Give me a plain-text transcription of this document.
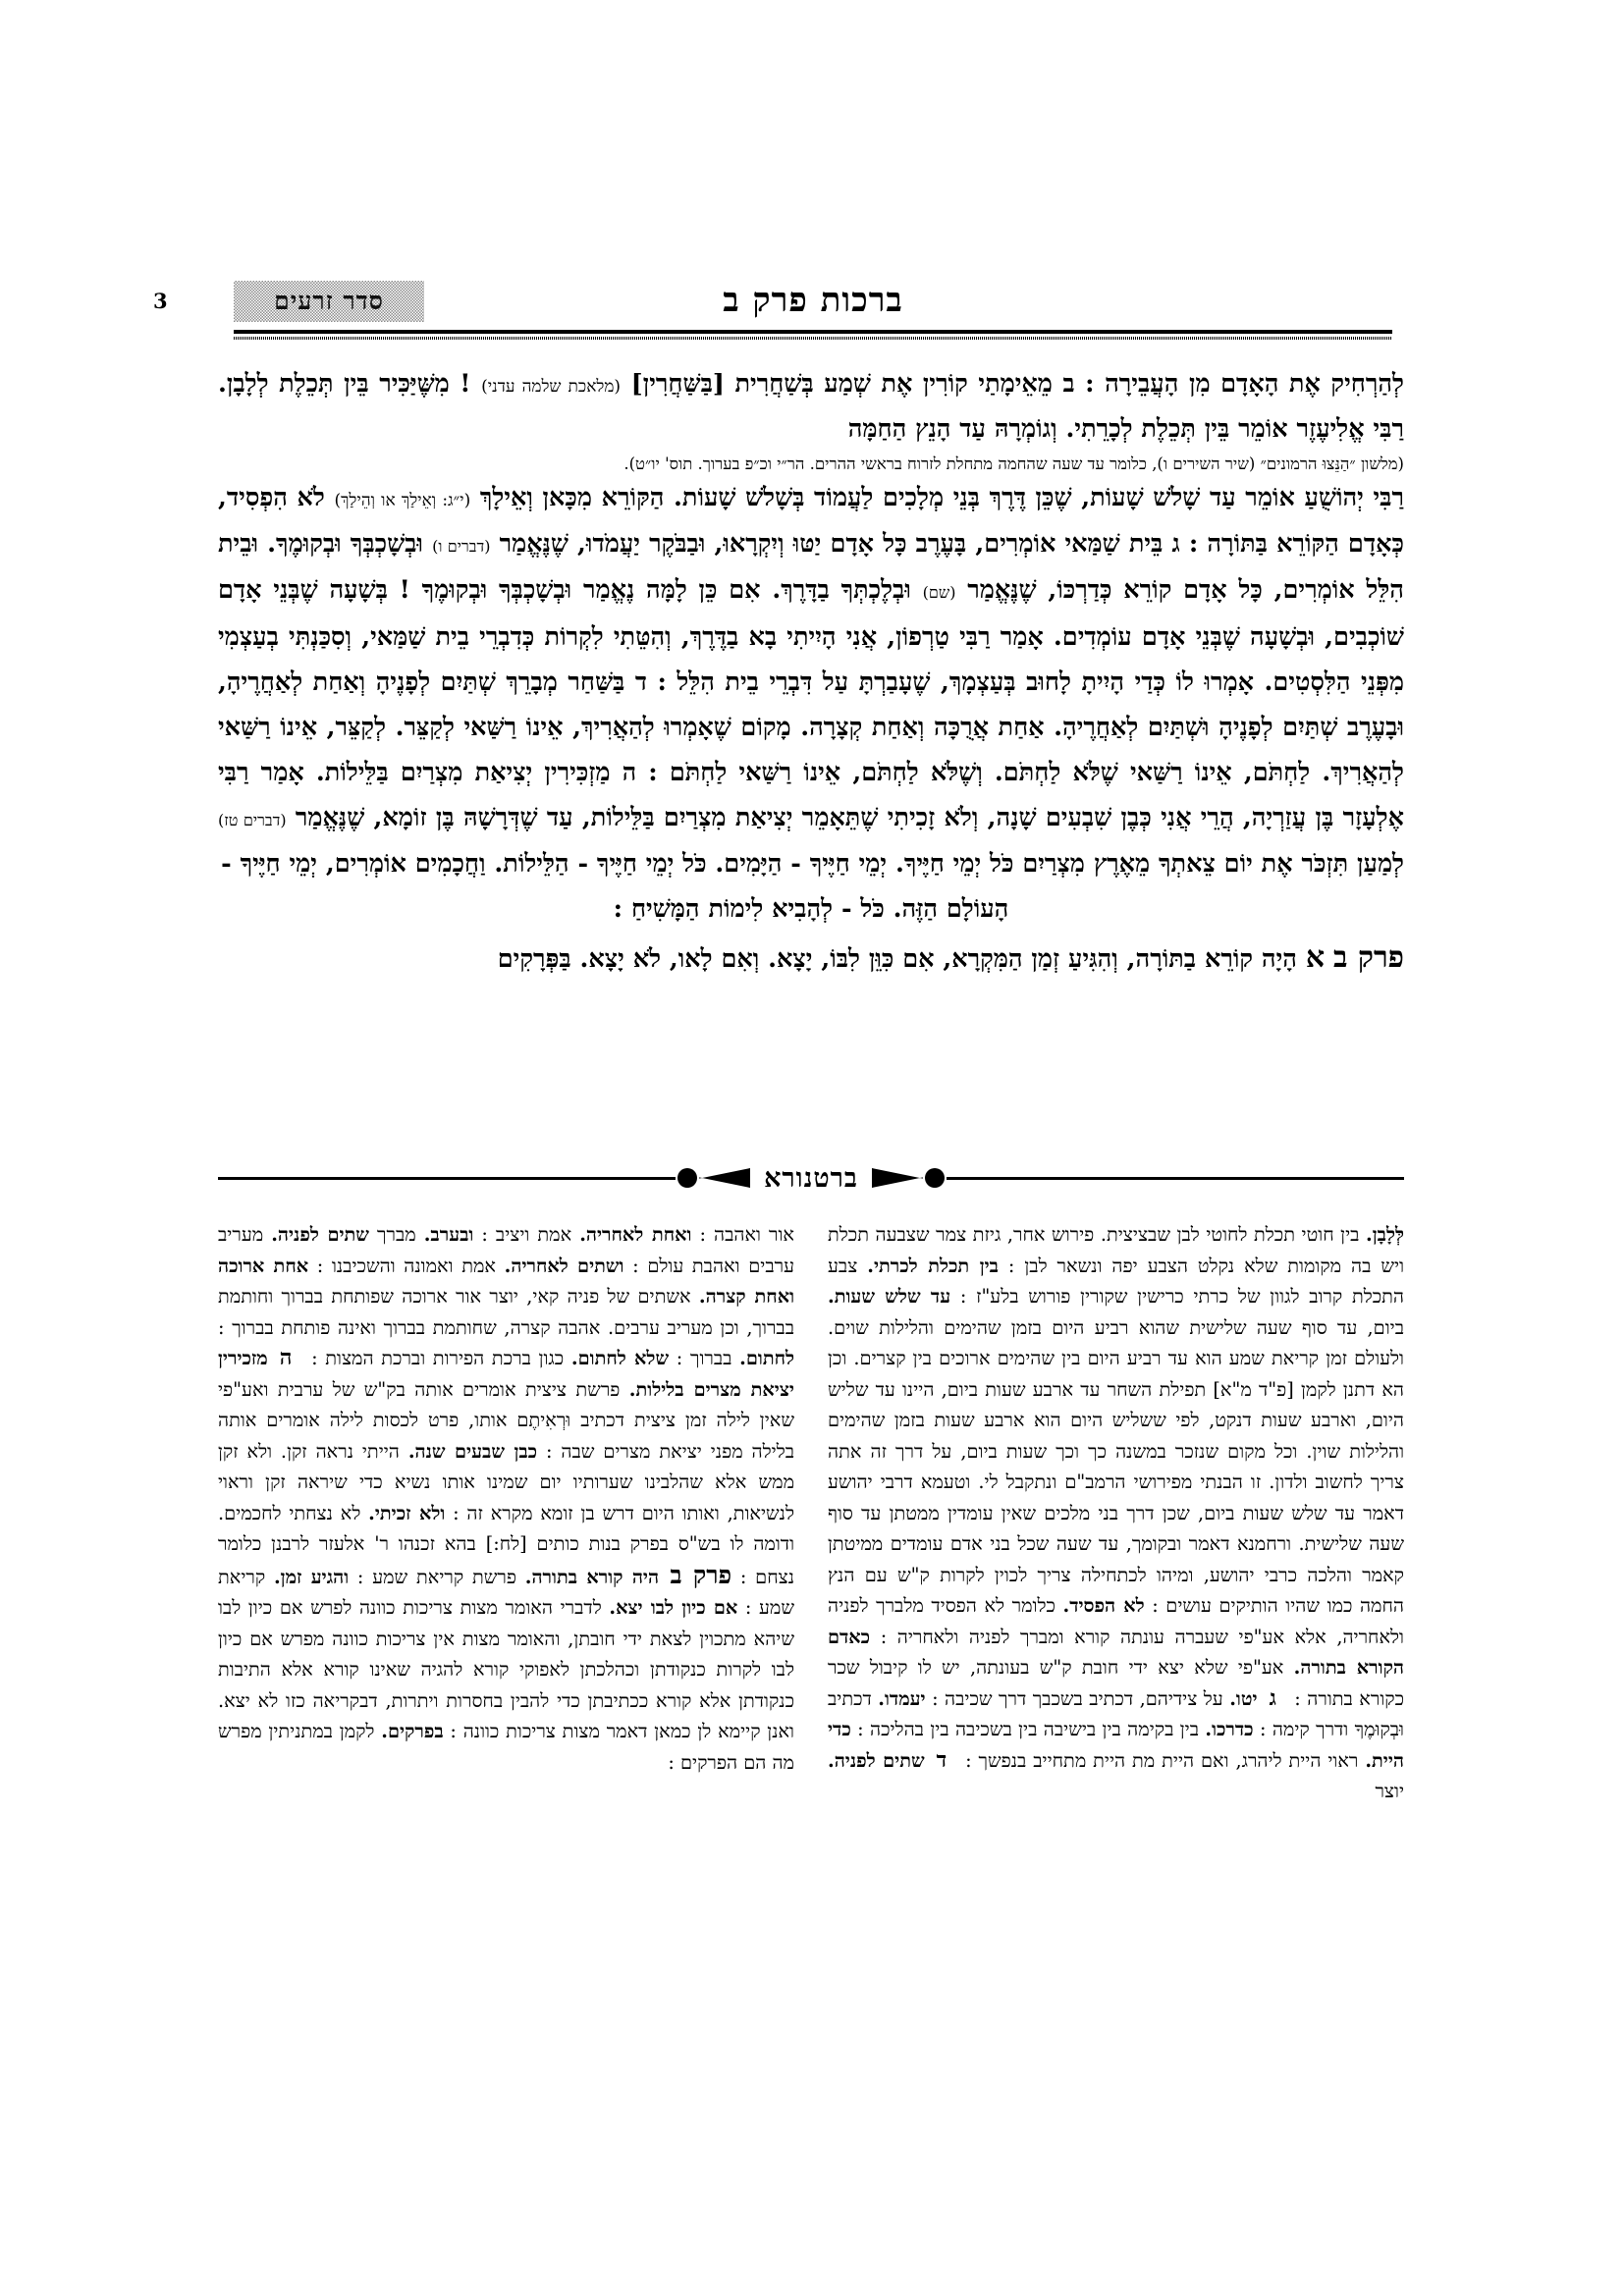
3	סדר זרעים	ברכות פרק ב

לְהַרְחִיק אֶת הָאָדָם מִן הָעֲבֵירָה : ב מֵאֵימָתַי קוֹרִין אֶת שְׁמַע בְּשַׁחֲרִית [בַּשַּׁחֲרִין] (מלאכת שלמה עדני) ! מִשֶּׁיַּכִּיר בֵּין תְּכֵלֶת לְלָבָן. רַבִּי אֱלִיעֶזֶר אוֹמֵר בֵּין תְּכֵלֶת לְכָרֵתִי. וְגוֹמְרָהּ עַד הָנֵץ הַחַמָּה
(מלשון ״הַנֵּצוּ הרמונים״ (שיר השירים ו), כלומר עד שעה שהחמה מתחלת לזרוח בראשי ההרים. הר״י וכ״פ בערוך. תוס' יו״ט).
רַבִּי יְהוֹשֻׁעַ אוֹמֵר עַד שָׁלֹשׁ שָׁעוֹת, שֶׁכֵּן דֶּרֶךְ בְּנֵי מְלָכִים לַעֲמוֹד בְּשָׁלֹשׁ שָׁעוֹת. הַקּוֹרֵא מִכָּאן וְאֵילָךְ (י״ג: וְאֵילַךְ או וְהֵילַךְ) לֹא הִפְסִיד, כְּאָדָם הַקּוֹרֵא בַּתּוֹרָה : ג בֵּית שַׁמַּאי אוֹמְרִים, בָּעֶרֶב כָּל אָדָם יַטּוּ וְיִקְרָאוּ, וּבַבֹּקֶר יַעֲמֹדוּ, שֶׁנֶּאֱמַר (דברים ו) וּבְשָׁכְבְּךָ וּבְקוּמֶךָ. וּבֵית הִלֵּל אוֹמְרִים, כָּל אָדָם קוֹרֵא כְּדַרְכּוֹ, שֶׁנֶּאֱמַר (שם) וּבְלֶכְתְּךָ בַדָּרֶךְ. אִם כֵּן לָמָּה נֶאֱמַר וּבְשָׁכְבְּךָ וּבְקוּמֶךָ ! בְּשָׁעָה שֶׁבְּנֵי אָדָם שׁוֹכְבִים, וּבְשָׁעָה שֶׁבְּנֵי אָדָם עוֹמְדִים. אָמַר רַבִּי טַרְפוֹן, אֲנִי הָיִיתִי בָא בַדֶּרֶךְ, וְהִטֵּתִי לִקְרוֹת כְּדִבְרֵי בֵית שַׁמַּאי, וְסִכַּנְתִּי בְעַצְמִי מִפְּנֵי הַלִּסְטִים. אָמְרוּ לוֹ כְּדַי הָיִיתָ לָחוּב בְּעַצְמָךְ, שֶׁעָבַרְתָּ עַל דִּבְרֵי בֵית הִלֵּל : ד בַּשַּׁחַר מְבָרֵךְ שְׁתַּיִם לְפָנֶיהָ וְאַחַת לְאַחֲרֶיהָ, וּבָעֶרֶב שְׁתַּיִם לְפָנֶיהָ וּשְׁתַּיִם לְאַחֲרֶיהָ. אַחַת אֲרֻכָּה וְאַחַת קְצָרָה. מָקוֹם שֶׁאָמְרוּ לְהַאֲרִיךְ, אֵינוֹ רַשַּׁאי לְקַצֵּר. לְקַצֵּר, אֵינוֹ רַשַּׁאי לְהַאֲרִיךְ. לַחְתֹּם, אֵינוֹ רַשַּׁאי שֶׁלֹּא לַחְתֹּם. וְשֶׁלֹּא לַחְתֹּם, אֵינוֹ רַשַּׁאי לַחְתֹּם : ה מַזְכִּירִין יְצִיאַת מִצְרַיִם בַּלֵּילוֹת. אָמַר רַבִּי אֶלְעָזָר בֶּן עֲזַרְיָה, הֲרֵי אֲנִי כְּבֶן שִׁבְעִים שָׁנָה, וְלֹא זָכִיתִי שֶׁתֵּאָמֵר יְצִיאַת מִצְרַיִם בַּלֵּילוֹת, עַד שֶׁדְּרָשָׁהּ בֶּן זוֹמָא, שֶׁנֶּאֱמַר (דברים טז) לְמַעַן תִּזְכֹּר אֶת יוֹם צֵאתְךָ מֵאֶרֶץ מִצְרַיִם כֹּל יְמֵי חַיֶּיךָ. יְמֵי חַיֶּיךָ - הַיָּמִים. כֹּל יְמֵי חַיֶּיךָ - הַלֵּילוֹת. וַחֲכָמִים אוֹמְרִים, יְמֵי חַיֶּיךָ -

הָעוֹלָם הַזֶּה. כֹּל - לְהָבִיא לִימוֹת הַמָּשִׁיחַ :

פרק ב א הָיָה קוֹרֵא בַתּוֹרָה, וְהִגִּיעַ זְמַן הַמִּקְרָא, אִם כִּוֵּן לִבּוֹ, יָצָא. וְאִם לָאו, לֹא יָצָא. בַּפְּרָקִים

ברטנורא

לְּלָבָן. בין חוטי תכלת לחוטי לבן שבציצית. פירוש אחר, גיזת צמר שצבעה תכלת ויש בה מקומות שלא נקלט הצבע יפה ונשאר לבן : בין תכלת לכרתי. צבע התכלת קרוב לגוון של כרתי כרישין שקורין פורוש בלע"ז : עד שלש שעות. ביום, עד סוף שעה שלישית שהוא רביע היום בזמן שהימים והלילות שוים. ולעולם זמן קריאת שמע הוא עד רביע היום בין שהימים ארוכים בין קצרים. וכן הא דתנן לקמן [פ"ד מ"א] תפילת השחר עד ארבע שעות ביום, היינו עד שליש היום, וארבע שעות דנקט, לפי ששליש היום הוא ארבע שעות בזמן שהימים והלילות שוין. וכל מקום שנזכר במשנה כך וכך שעות ביום, על דרך זה אתה צריך לחשוב ולדון. זו הבנתי מפירושי הרמב"ם ונתקבל לי. וטעמא דרבי יהושע דאמר עד שלש שעות ביום, שכן דרך בני מלכים שאין עומדין ממטתן עד סוף שעה שלישית. ורחמנא דאמר ובקומך, עד שעה שכל בני אדם עומדים ממיטתן קאמר והלכה כרבי יהושע, ומיהו לכתחילה צריך לכוין לקרות ק"ש עם הנץ החמה כמו שהיו הותיקים עושים : לא הפסיד. כלומר לא הפסיד מלברך לפניה ולאחריה, אלא אע"פי שעברה עונתה קורא ומברך לפניה ולאחריה : כאדם הקורא בתורה. אע"פי שלא יצא ידי חובת ק"ש בעונתה, יש לו קיבול שכר כקורא בתורה : גיטו. על צידיהם, דכתיב בשכבך דרך שכיבה : יעמדו. דכתיב וּבְקוּמֶךָ ודרך קימה : כדרכו. בין בקימה בין בישיבה בין בשכיבה בין בהליכה : כדי היית. ראוי היית ליהרג, ואם היית מת היית מתחייב בנפשך : דשתים לפניה. יוצר

אור ואהבה : ואחת לאחריה. אמת ויציב : ובערב. מברך שתים לפניה. מעריב ערבים ואהבת עולם : ושתים לאחריה. אמת ואמונה והשכיבנו : אחת ארוכה ואחת קצרה. אשתים של פניה קאי, יוצר אור ארוכה שפותחת בברוך וחותמת בברוך, וכן מעריב ערבים. אהבה קצרה, שחותמת בברוך ואינה פותחת בברוך : לחתום. בברוך : שלא לחתום. כגון ברכת הפירות וברכת המצות : המזכירין יציאת מצרים בלילות. פרשת ציצית אומרים אותה בק"ש של ערבית ואע"פי שאין לילה זמן ציצית דכתיב וּרְאִיתֶם אותו, פרט לכסות לילה אומרים אותה בלילה מפני יציאת מצרים שבה : כבן שבעים שנה. הייתי נראה זקן. ולא זקן ממש אלא שהלבינו שערותיו יום שמינו אותו נשיא כדי שיראה זקן וראוי לנשיאות, ואותו היום דרש בן זומא מקרא זה : ולא זכיתי. לא נצחתי לחכמים. ודומה לו בש"ס בפרק בנות כותים [לח:] בהא זכנהו ר' אלעזר לרבנן כלומר נצחם : פרק ב היה קורא בתורה. פרשת קריאת שמע : והגיע זמן. קריאת שמע : אם כיון לבו יצא. לדברי האומר מצות צריכות כוונה לפרש אם כיון לבו שיהא מתכוין לצאת ידי חובתן, והאומר מצות אין צריכות כוונה מפרש אם כיון לבו לקרות כנקודתן וכהלכתן לאפוקי קורא להגיה שאינו קורא אלא התיבות כנקודתן אלא קורא ככתיבתן כדי להבין בחסרות ויתרות, דבקריאה כזו לא יצא. ואנן קיימא לן כמאן דאמר מצות צריכות כוונה : בפרקים. לקמן במתניתין מפרש מה הם הפרקים :
